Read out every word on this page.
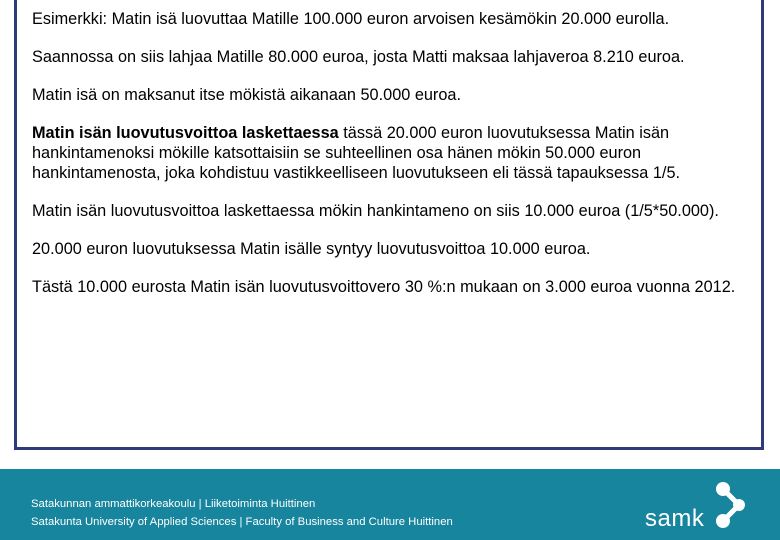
Esimerkki: Matin isä luovuttaa Matille 100.000 euron arvoisen kesämökin 20.000 eurolla.

Saannossa on siis lahjaa Matille 80.000 euroa, josta Matti maksaa lahjaveroa 8.210 euroa.

Matin isä on maksanut itse mökistä aikanaan 50.000 euroa.

Matin isän luovutusvoittoa laskettaessa tässä 20.000 euron luovutuksessa Matin isän hankintamenoksi mökille katsottaisiin se suhteellinen osa hänen mökin 50.000 euron hankintamenosta, joka kohdistuu vastikkeelliseen luovutukseen eli tässä tapauksessa 1/5.

Matin isän luovutusvoittoa laskettaessa mökin hankintameno on siis 10.000 euroa (1/5*50.000).

20.000 euron luovutuksessa Matin isälle syntyy luovutusvoittoa 10.000 euroa.

Tästä 10.000 eurosta Matin isän luovutusvoittovero 30 %:n mukaan on 3.000 euroa vuonna 2012.

Satakunnan ammattikorkeakoulu | Liiketoiminta Huittinen
Satakunta University of Applied Sciences | Faculty of Business and Culture Huittinen	samk
